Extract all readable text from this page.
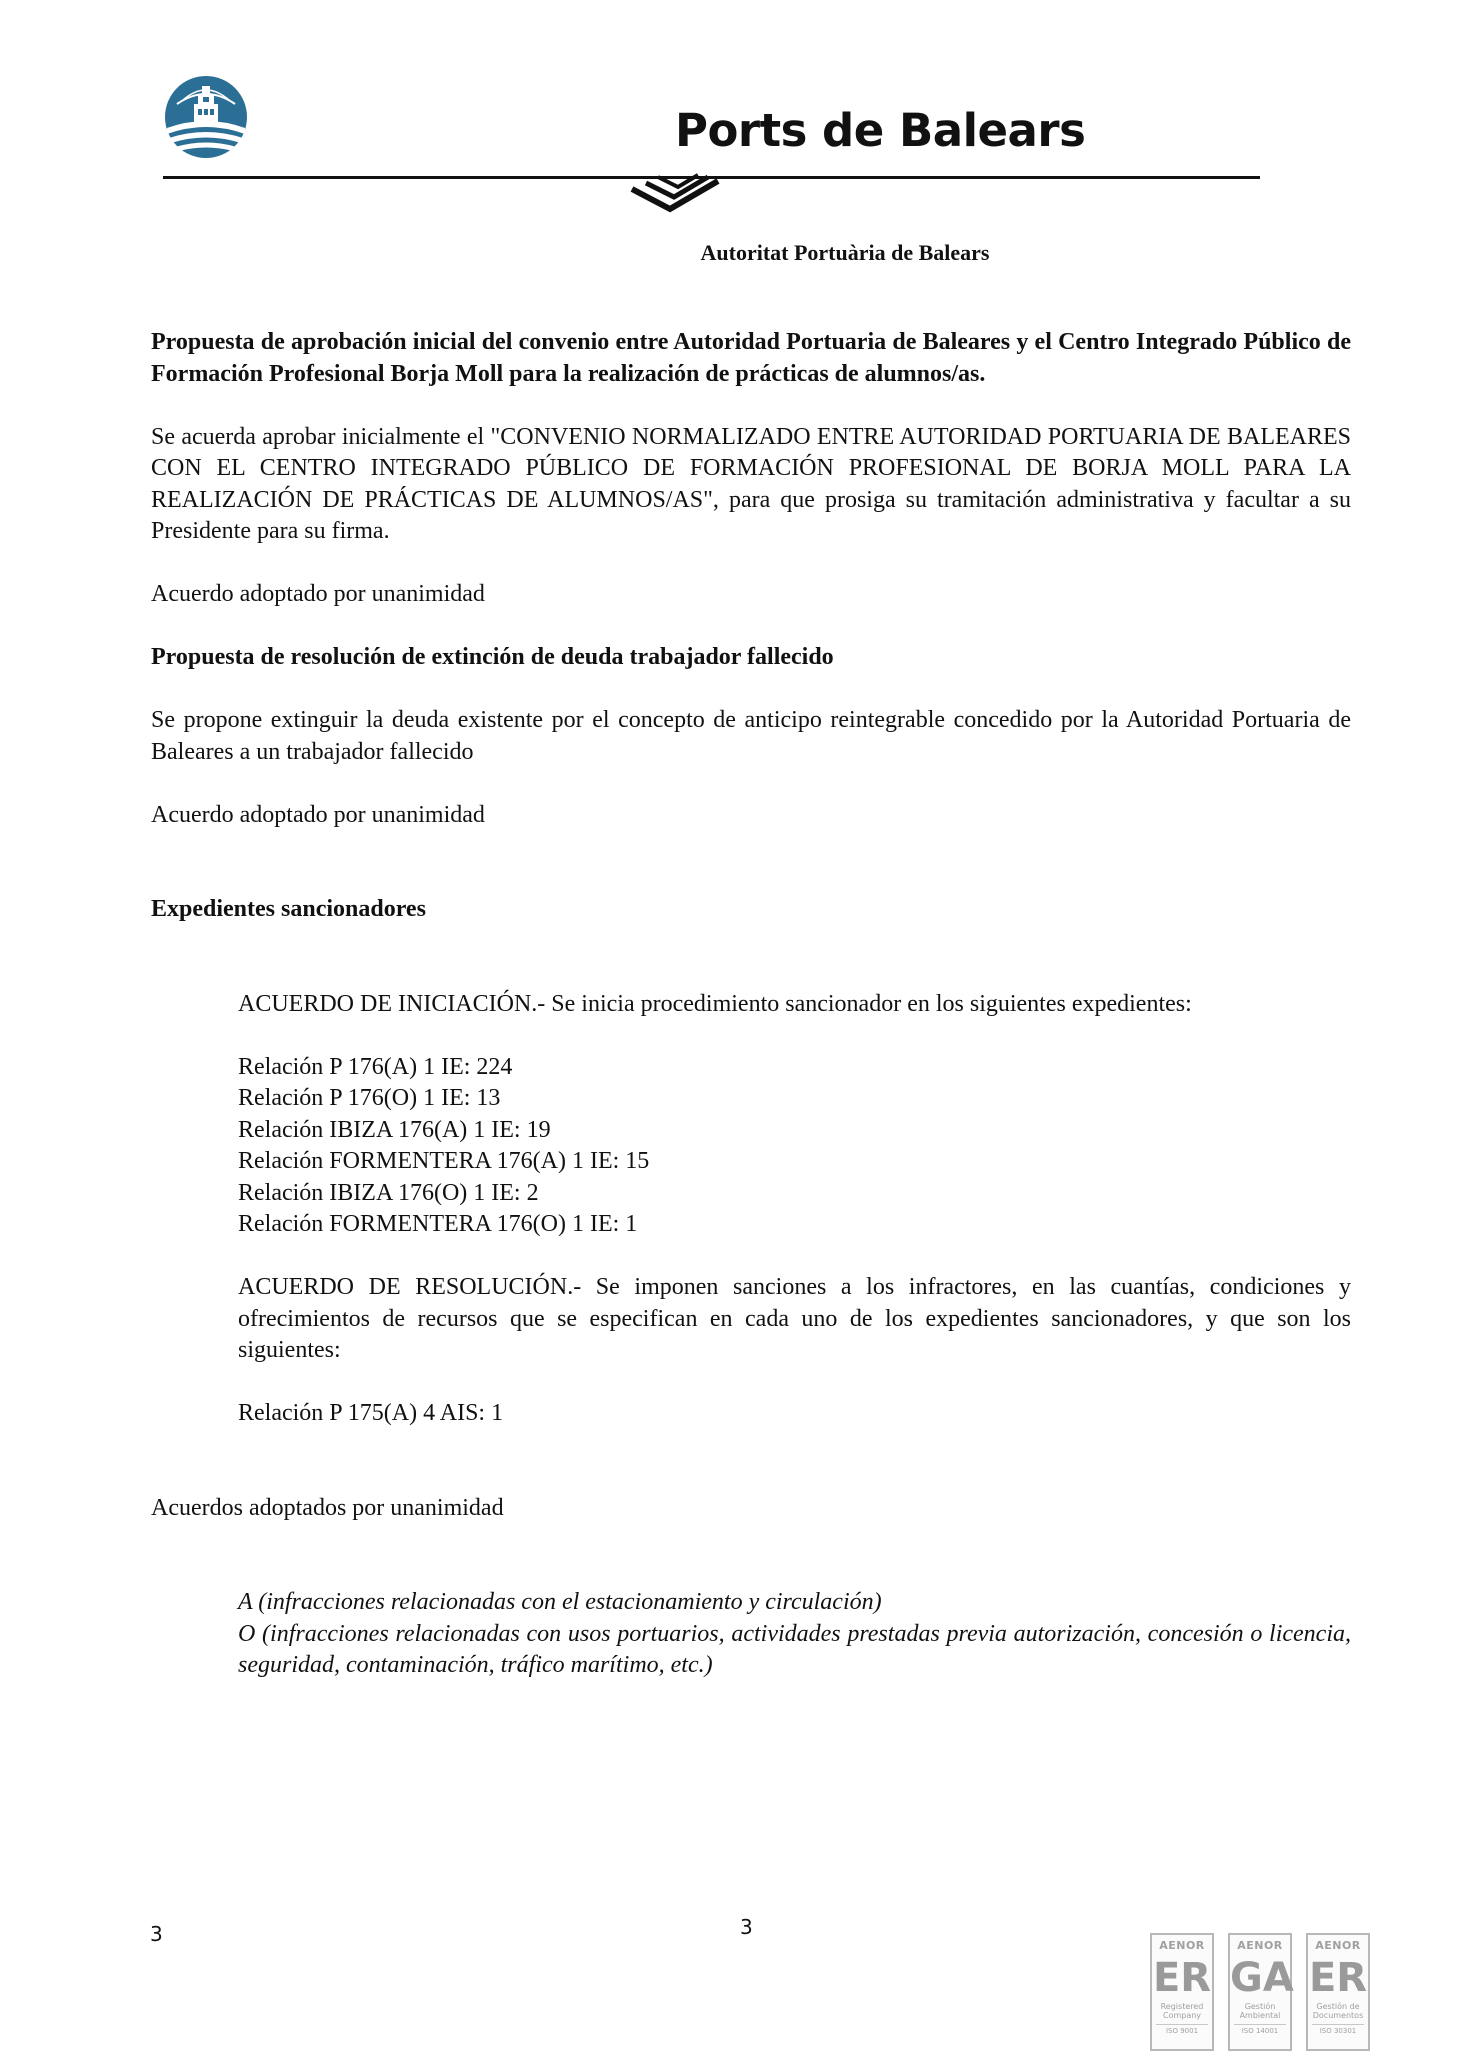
Ports de Balears
Autoritat Portuària de Balears

Propuesta de aprobación inicial del convenio entre Autoridad Portuaria de Baleares y el Centro Integrado Público de Formación Profesional Borja Moll para la realización de prácticas de alumnos/as.

Se acuerda aprobar inicialmente el "CONVENIO NORMALIZADO ENTRE AUTORIDAD PORTUARIA DE BALEARES CON EL CENTRO INTEGRADO PÚBLICO DE FORMACIÓN PROFESIONAL DE BORJA MOLL PARA LA REALIZACIÓN DE PRÁCTICAS DE ALUMNOS/AS", para que prosiga su tramitación administrativa y facultar a su Presidente para su firma.

Acuerdo adoptado por unanimidad

Propuesta de resolución de extinción de deuda trabajador fallecido

Se propone extinguir la deuda existente por el concepto de anticipo reintegrable concedido por la Autoridad Portuaria de Baleares a un trabajador fallecido

Acuerdo adoptado por unanimidad

Expedientes sancionadores

ACUERDO DE INICIACIÓN.- Se inicia procedimiento sancionador en los siguientes expedientes:

Relación P 176(A) 1 IE: 224
Relación P 176(O) 1 IE: 13
Relación IBIZA 176(A) 1 IE: 19
Relación FORMENTERA 176(A) 1 IE: 15
Relación IBIZA 176(O) 1 IE: 2
Relación FORMENTERA 176(O) 1 IE: 1

ACUERDO DE RESOLUCIÓN.- Se imponen sanciones a los infractores, en las cuantías, condiciones y ofrecimientos de recursos que se especifican en cada uno de los expedientes sancionadores, y que son los siguientes:

Relación P 175(A) 4 AIS: 1

Acuerdos adoptados por unanimidad

A (infracciones relacionadas con el estacionamiento y circulación)

O (infracciones relacionadas con usos portuarios, actividades prestadas previa autorización, concesión o licencia, seguridad, contaminación, tráfico marítimo, etc.)

3	3
AENOR
ER
Registered Company
ISO 9001
AENOR
GA
Gestión Ambiental
ISO 14001
AENOR
ER
Gestión de Documentos
ISO 30301
